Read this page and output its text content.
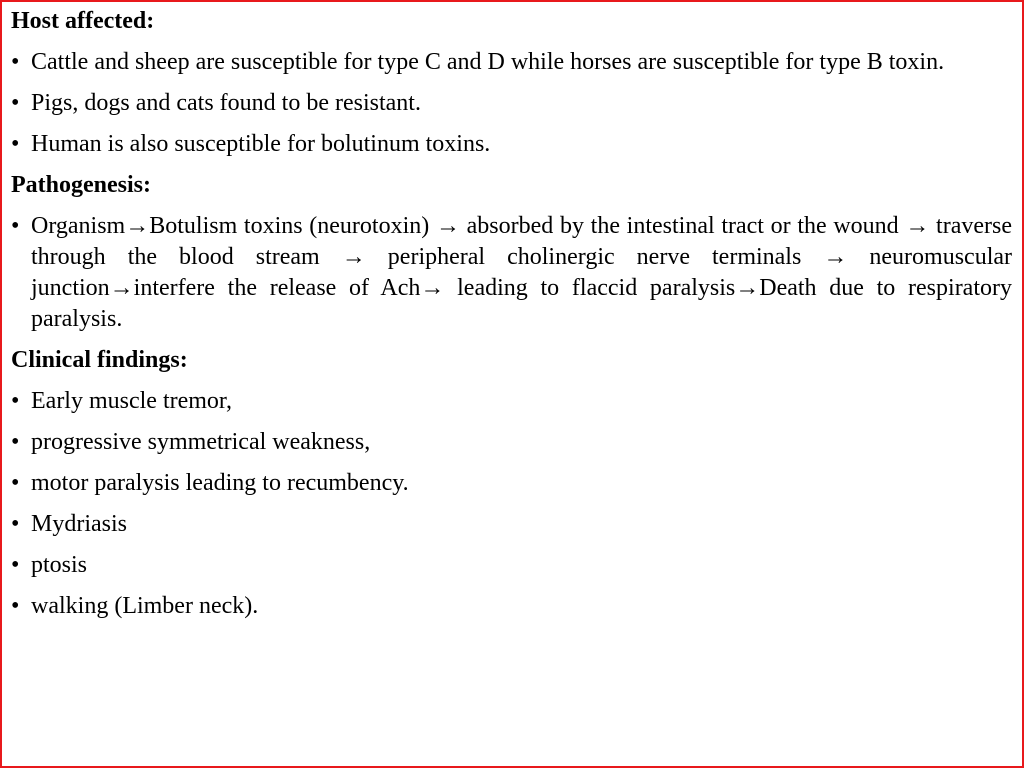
Host affected:
• Cattle and sheep are susceptible for type C and D while horses are susceptible for type B toxin.
• Pigs, dogs and cats found to be resistant.
• Human is also susceptible for bolutinum toxins.
Pathogenesis:
• Organism→Botulism toxins (neurotoxin) → absorbed by the intestinal tract or the wound → traverse through the blood stream → peripheral cholinergic nerve terminals → neuromuscular junction→interfere the release of Ach→ leading to flaccid paralysis→Death due to respiratory paralysis.
Clinical findings:
• Early muscle tremor,
• progressive symmetrical weakness,
• motor paralysis leading to recumbency.
• Mydriasis
• ptosis
• walking (Limber neck).
